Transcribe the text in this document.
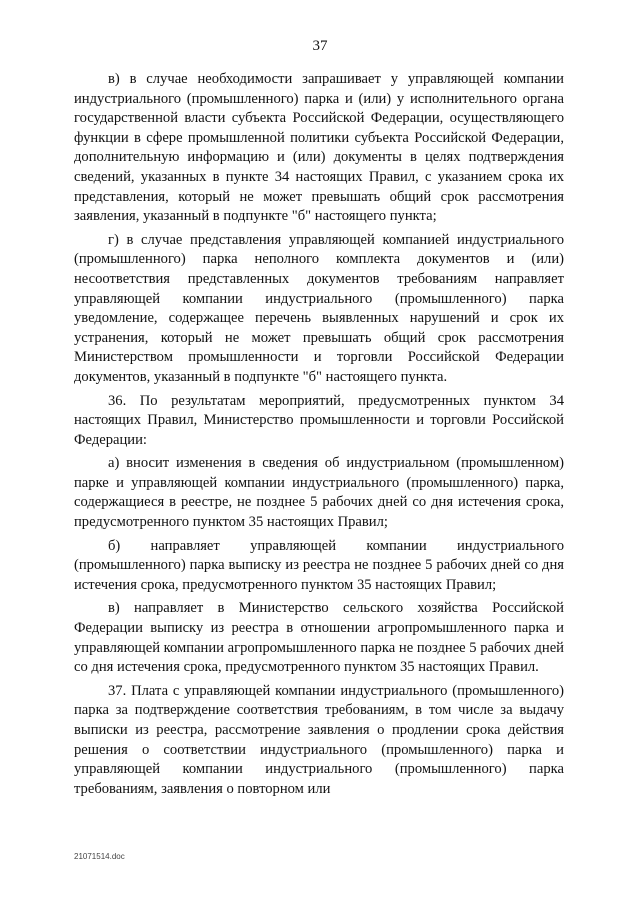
37

в) в случае необходимости запрашивает у управляющей компании индустриального (промышленного) парка и (или) у исполнительного органа государственной власти субъекта Российской Федерации, осуществляющего функции в сфере промышленной политики субъекта Российской Федерации, дополнительную информацию и (или) документы в целях подтверждения сведений, указанных в пункте 34 настоящих Правил, с указанием срока их представления, который не может превышать общий срок рассмотрения заявления, указанный в подпункте "б" настоящего пункта;

г) в случае представления управляющей компанией индустриального (промышленного) парка неполного комплекта документов и (или) несоответствия представленных документов требованиям направляет управляющей компании индустриального (промышленного) парка уведомление, содержащее перечень выявленных нарушений и срок их устранения, который не может превышать общий срок рассмотрения Министерством промышленности и торговли Российской Федерации документов, указанный в подпункте "б" настоящего пункта.

36. По результатам мероприятий, предусмотренных пунктом 34 настоящих Правил, Министерство промышленности и торговли Российской Федерации:

а) вносит изменения в сведения об индустриальном (промышленном) парке и управляющей компании индустриального (промышленного) парка, содержащиеся в реестре, не позднее 5 рабочих дней со дня истечения срока, предусмотренного пунктом 35 настоящих Правил;

б) направляет управляющей компании индустриального (промышленного) парка выписку из реестра не позднее 5 рабочих дней со дня истечения срока, предусмотренного пунктом 35 настоящих Правил;

в) направляет в Министерство сельского хозяйства Российской Федерации выписку из реестра в отношении агропромышленного парка и управляющей компании агропромышленного парка не позднее 5 рабочих дней со дня истечения срока, предусмотренного пунктом 35 настоящих Правил.

37. Плата с управляющей компании индустриального (промышленного) парка за подтверждение соответствия требованиям, в том числе за выдачу выписки из реестра, рассмотрение заявления о продлении срока действия решения о соответствии индустриального (промышленного) парка и управляющей компании индустриального (промышленного) парка требованиям, заявления о повторном или

21071514.doc
